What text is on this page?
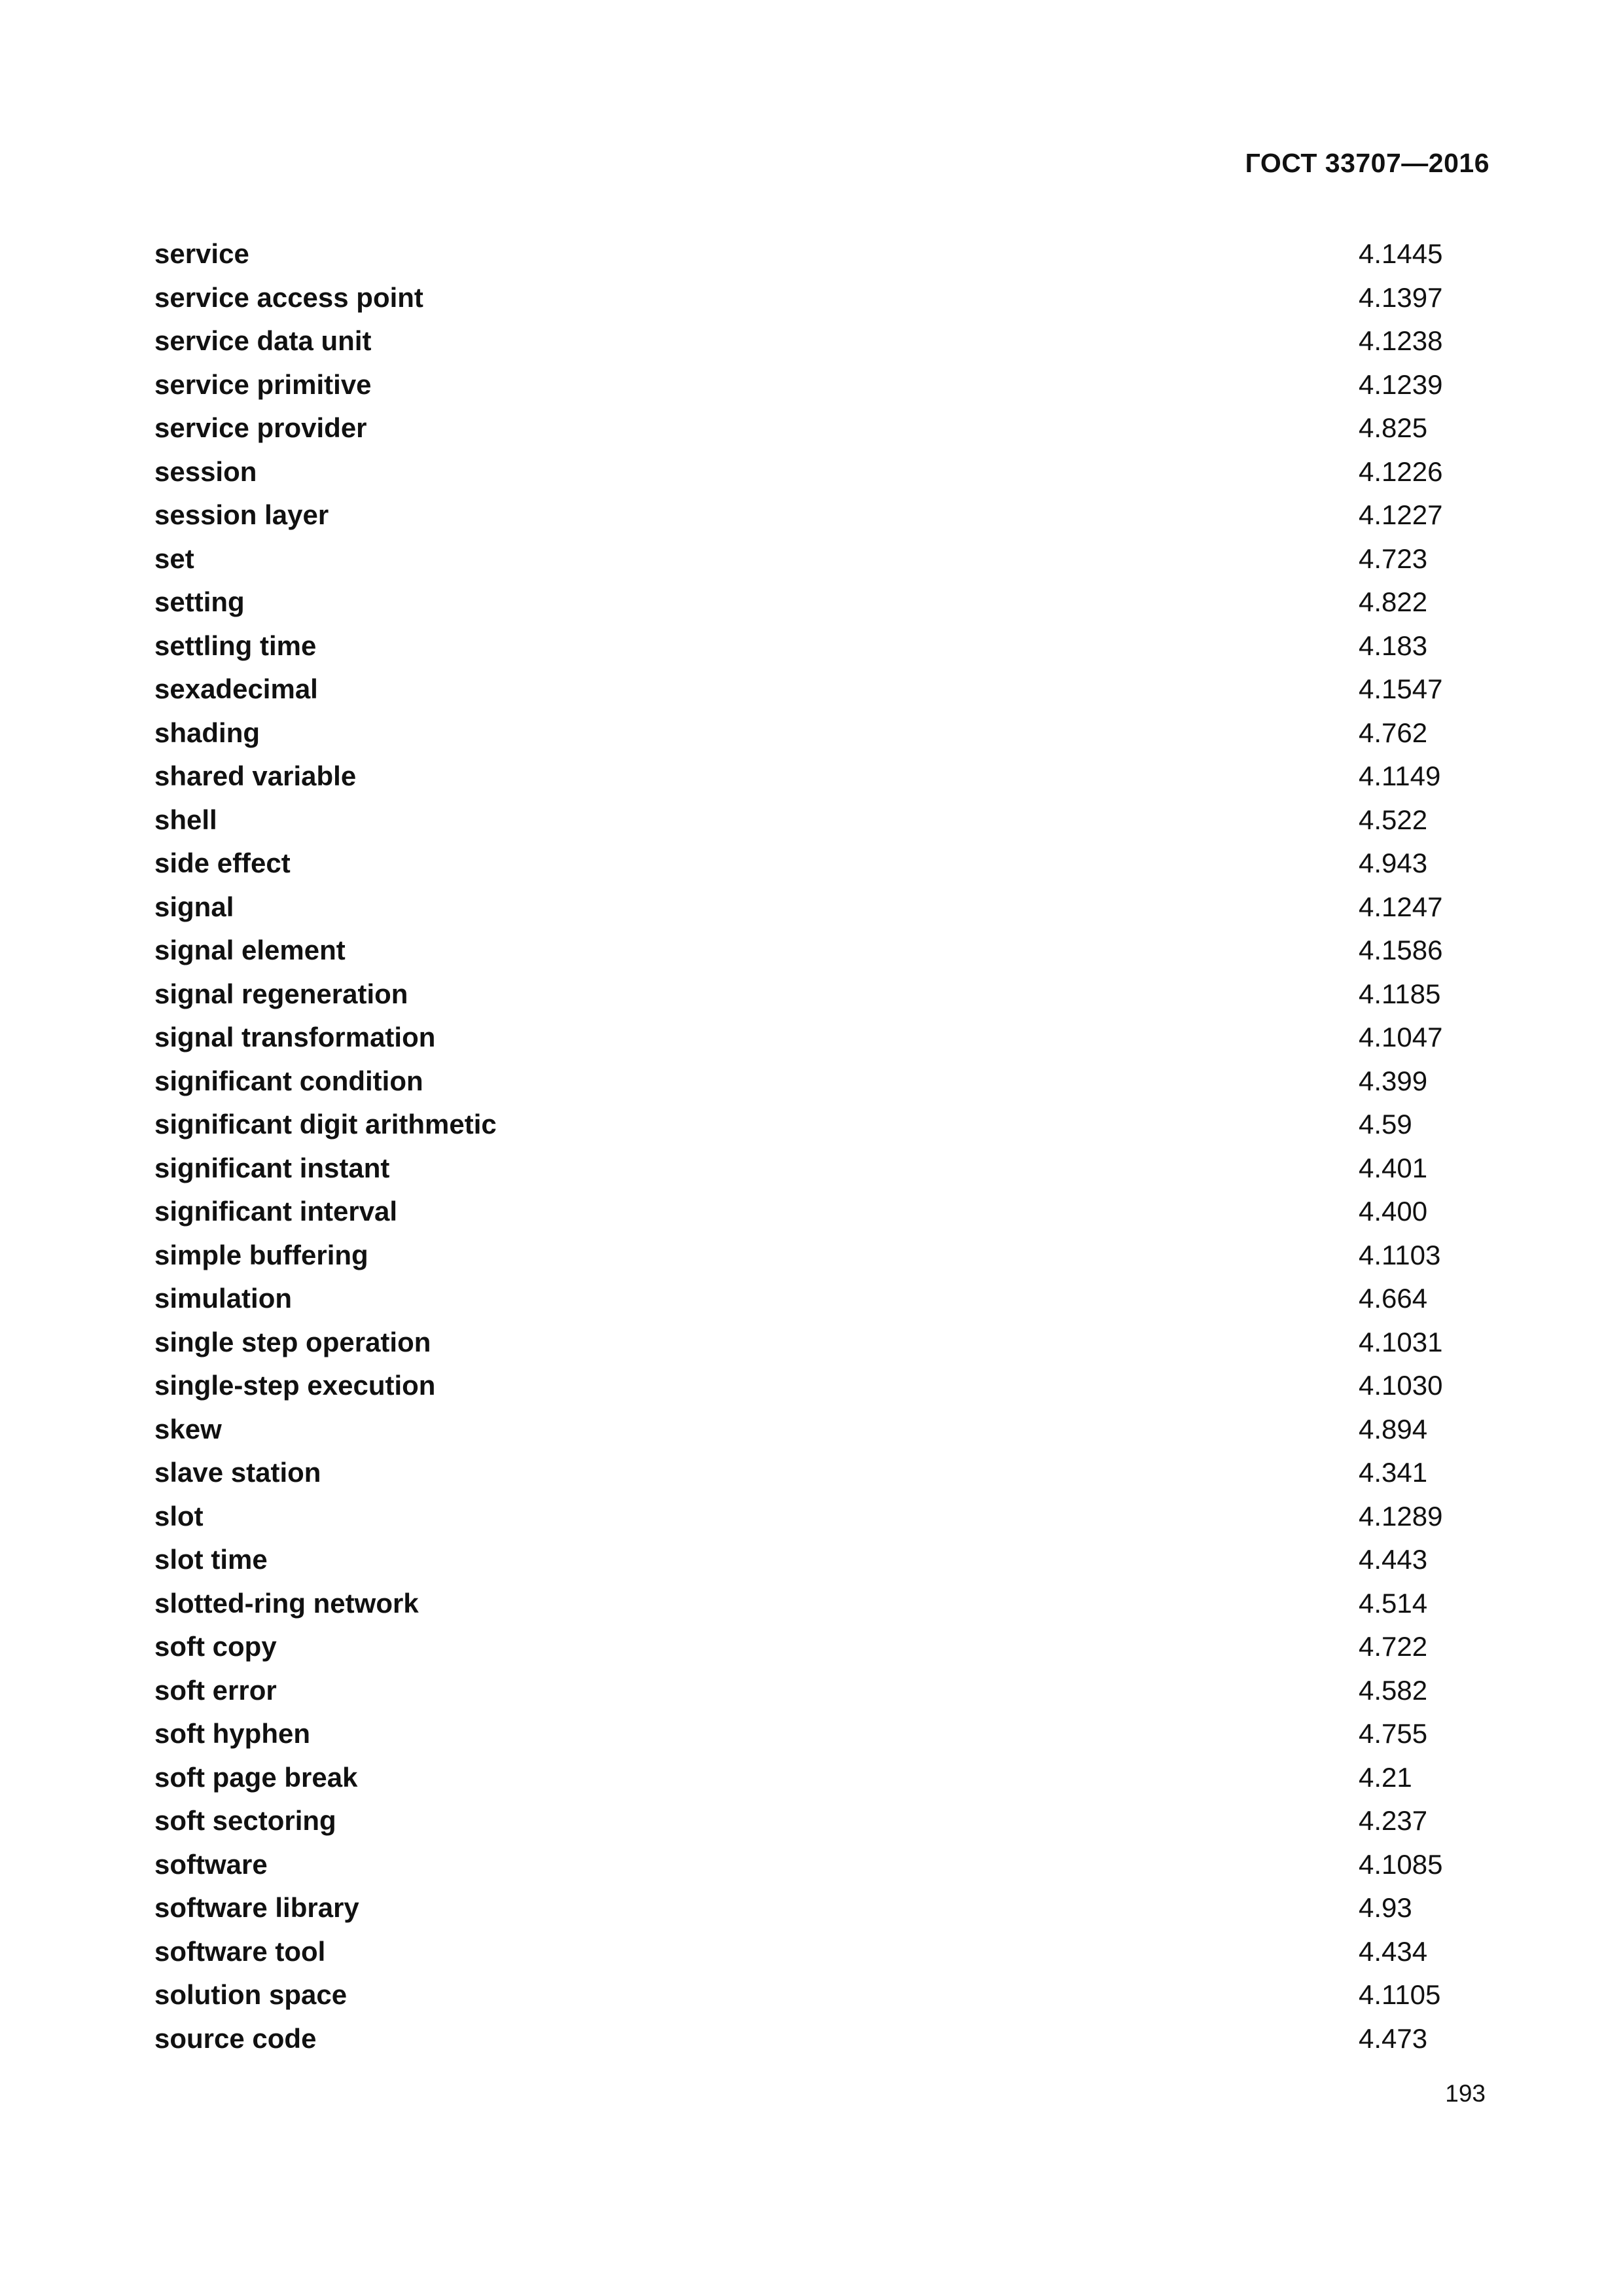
ГОСТ 33707—2016
service	4.1445
service access point	4.1397
service data unit	4.1238
service primitive	4.1239
service provider	4.825
session	4.1226
session layer	4.1227
set	4.723
setting	4.822
settling time	4.183
sexadecimal	4.1547
shading	4.762
shared variable	4.1149
shell	4.522
side effect	4.943
signal	4.1247
signal element	4.1586
signal regeneration	4.1185
signal transformation	4.1047
significant condition	4.399
significant digit arithmetic	4.59
significant instant	4.401
significant interval	4.400
simple buffering	4.1103
simulation	4.664
single step operation	4.1031
single-step execution	4.1030
skew	4.894
slave station	4.341
slot	4.1289
slot time	4.443
slotted-ring network	4.514
soft copy	4.722
soft error	4.582
soft hyphen	4.755
soft page break	4.21
soft sectoring	4.237
software	4.1085
software library	4.93
software tool	4.434
solution space	4.1105
source code	4.473
193
